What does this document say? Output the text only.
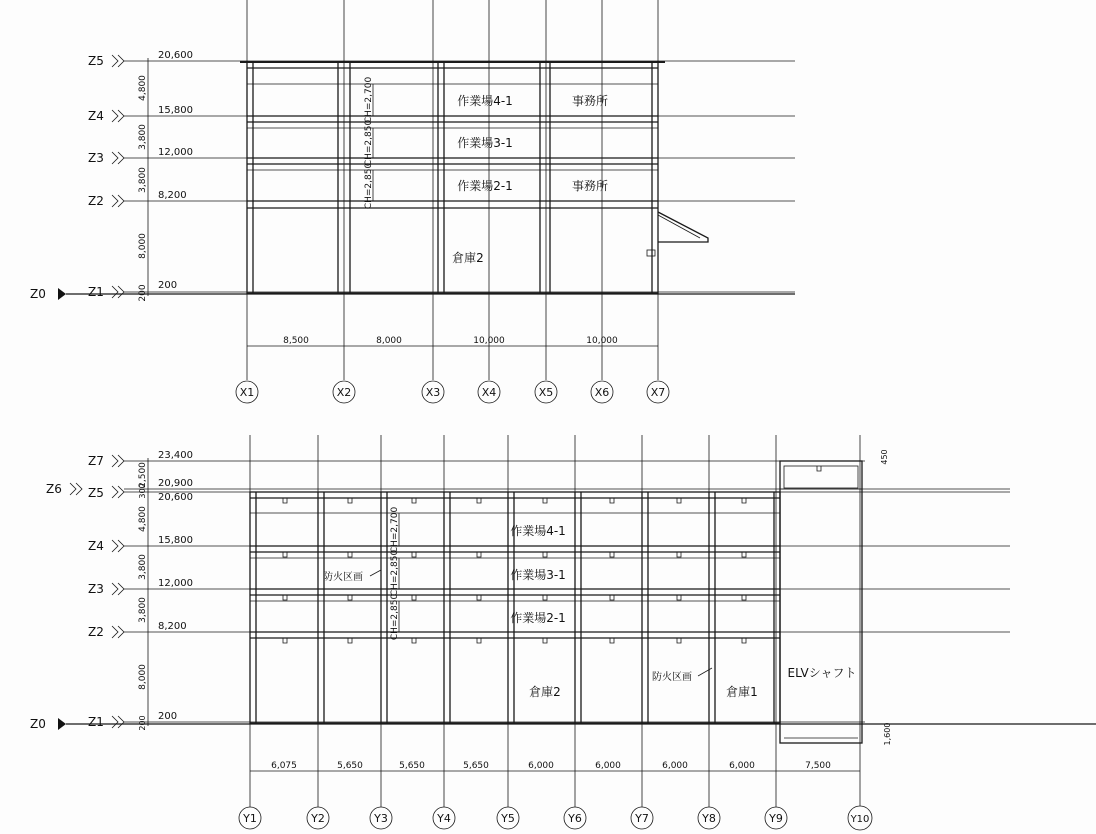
Z5	20,600
Z4	15,800
Z3	12,000
Z2	8,200
Z1	200
Z0
4,800
3,800
3,800
8,000
200
CH=2,700
CH=2,850
CH=2,850
作業場4-1	事務所
作業場3-1
作業場2-1	事務所
倉庫2
8,500	8,000	10,000	10,000
X1	X2	X3	X4	X5	X6	X7
ELVシャフト
450
1,600
Z7	23,400
Z6	20,900
Z5	20,600
Z4	15,800
Z3	12,000
Z2	8,200
Z1	200
Z0
2,500
300
4,800
3,800
3,800
8,000
200
CH=2,700
CH=2,850
CH=2,850
作業場4-1
作業場3-1
作業場2-1
倉庫2	倉庫1
防火区画
防火区画
6,075	5,650	5,650	5,650	6,000	6,000	6,000	6,000	7,500
Y1	Y2	Y3	Y4	Y5	Y6	Y7	Y8	Y9	Y10
